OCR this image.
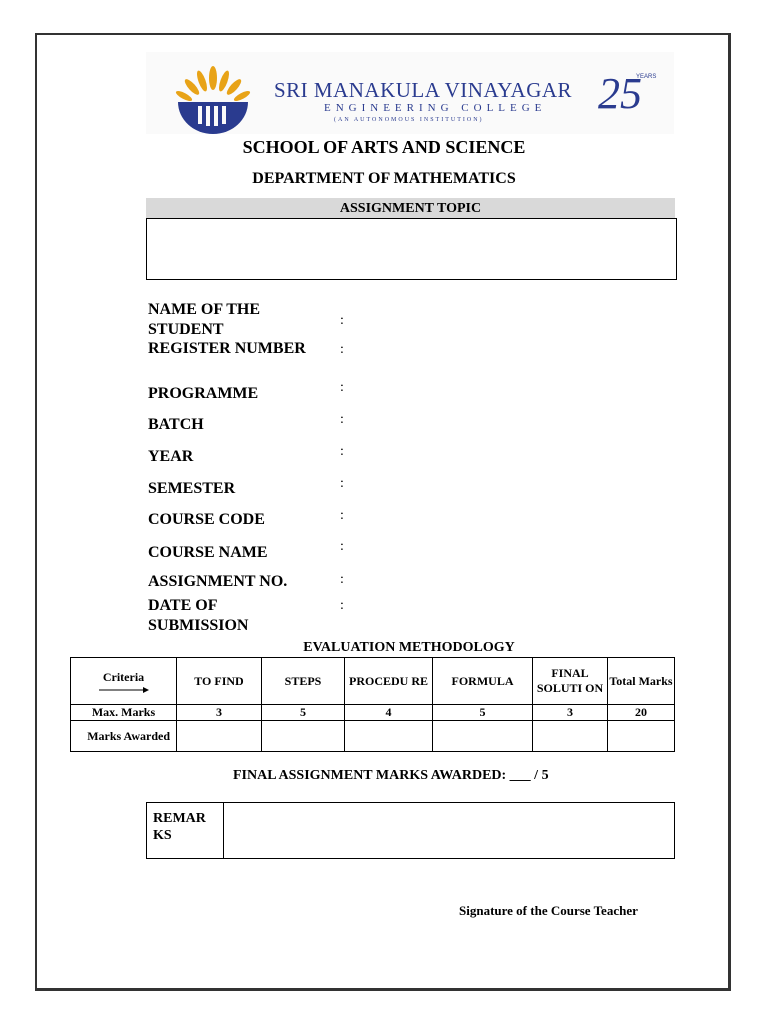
SRI MANAKULA VINAYAGAR
ENGINEERING COLLEGE
(AN AUTONOMOUS INSTITUTION)
25
YEARS
SCHOOL OF ARTS AND SCIENCE
DEPARTMENT OF MATHEMATICS
ASSIGNMENT TOPIC
NAME OF THE STUDENT
:
REGISTER NUMBER	:
PROGRAMME	:
BATCH	:
YEAR	:
SEMESTER	:
COURSE CODE	:
COURSE NAME	:
ASSIGNMENT NO.	:
DATE OF SUBMISSION
:
EVALUATION METHODOLOGY
Criteria	TO FIND	STEPS	PROCEDU RE	FORMULA	FINAL SOLUTI ON	Total Marks
Max. Marks	3	5	4	5	3	20
Marks Awarded						
FINAL ASSIGNMENT MARKS AWARDED: ___ / 5
REMAR KS	
Signature of the Course Teacher
